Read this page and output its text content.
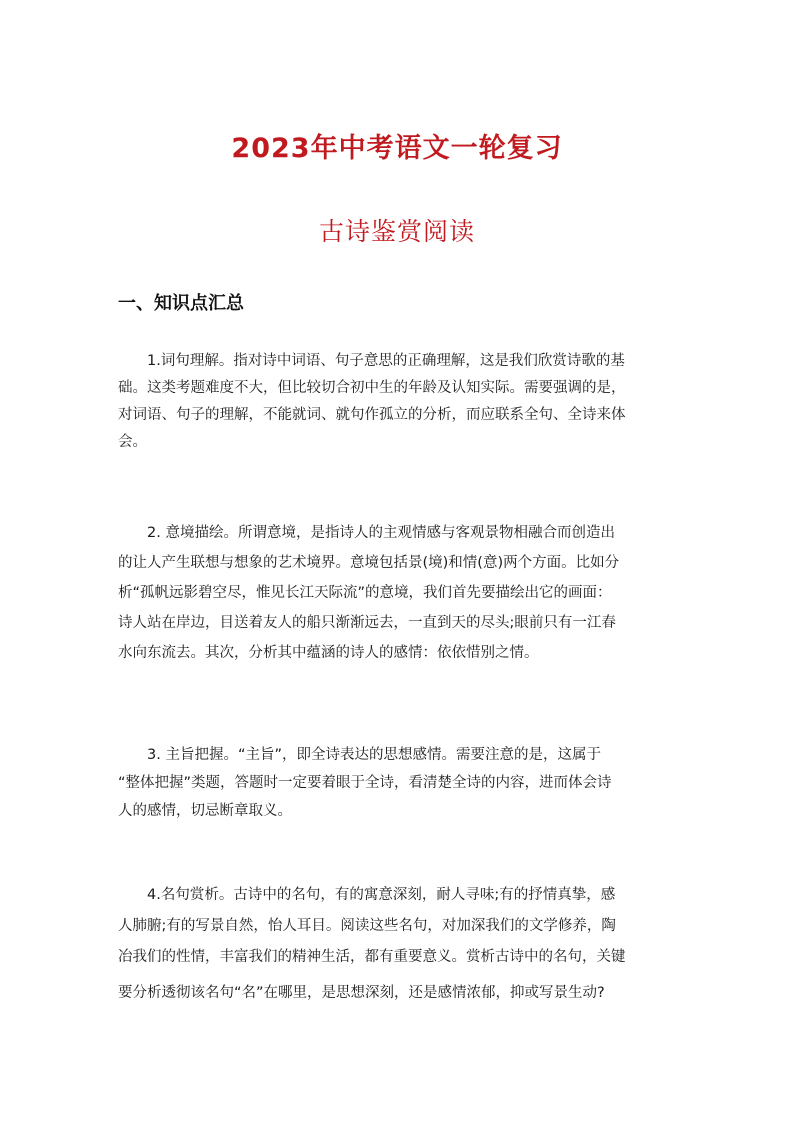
2023年中考语文一轮复习
古诗鉴赏阅读
一、知识点汇总

1.词句理解。指对诗中词语、句子意思的正确理解，这是我们欣赏诗歌的基
础。这类考题难度不大，但比较切合初中生的年龄及认知实际。需要强调的是，
对词语、句子的理解，不能就词、就句作孤立的分析，而应联系全句、全诗来体
会。

2. 意境描绘。所谓意境，是指诗人的主观情感与客观景物相融合而创造出
的让人产生联想与想象的艺术境界。意境包括景(境)和情(意)两个方面。比如分
析“孤帆远影碧空尽，惟见长江天际流”的意境，我们首先要描绘出它的画面：
诗人站在岸边，目送着友人的船只渐渐远去，一直到天的尽头;眼前只有一江春
水向东流去。其次，分析其中蕴涵的诗人的感情：依依惜别之情。

3. 主旨把握。“主旨”，即全诗表达的思想感情。需要注意的是，这属于
“整体把握”类题，答题时一定要着眼于全诗，看清楚全诗的内容，进而体会诗
人的感情，切忌断章取义。

4.名句赏析。古诗中的名句，有的寓意深刻，耐人寻味;有的抒情真挚，感
人肺腑;有的写景自然，怡人耳目。阅读这些名句，对加深我们的文学修养，陶
冶我们的性情，丰富我们的精神生活，都有重要意义。赏析古诗中的名句，关键
要分析透彻该名句“名”在哪里，是思想深刻，还是感情浓郁，抑或写景生动?
